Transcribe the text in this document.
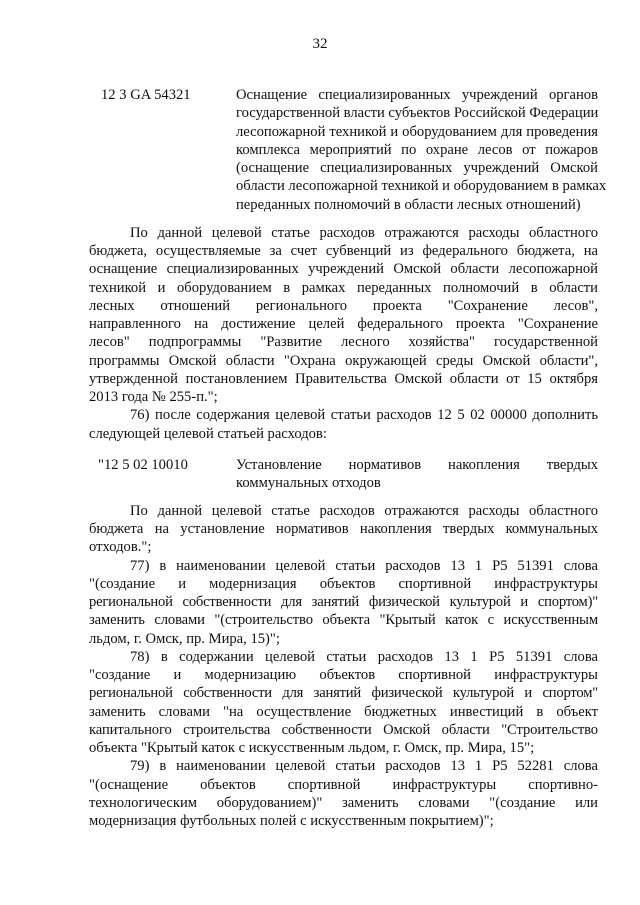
32
12 3 GA 54321	Оснащение специализированных учреждений органов
государственной власти субъектов Российской Федерации
лесопожарной техникой и оборудованием для проведения
комплекса мероприятий по охране лесов от пожаров
(оснащение специализированных учреждений Омской
области лесопожарной техникой и оборудованием в рамках
переданных полномочий в области лесных отношений)
По данной целевой статье расходов отражаются расходы областного
бюджета, осуществляемые за счет субвенций из федерального бюджета, на
оснащение специализированных учреждений Омской области лесопожарной
техникой и оборудованием в рамках переданных полномочий в области
лесных отношений регионального проекта "Сохранение лесов",
направленного на достижение целей федерального проекта "Сохранение
лесов" подпрограммы "Развитие лесного хозяйства" государственной
программы Омской области "Охрана окружающей среды Омской области",
утвержденной постановлением Правительства Омской области от 15 октября
2013 года № 255-п.";
76) после содержания целевой статьи расходов 12 5 02 00000 дополнить
следующей целевой статьей расходов:
"12 5 02 10010	Установление нормативов накопления твердых
коммунальных отходов
По данной целевой статье расходов отражаются расходы областного
бюджета на установление нормативов накопления твердых коммунальных
отходов.";
77) в наименовании целевой статьи расходов 13 1 P5 51391 слова
"(создание и модернизация объектов спортивной инфраструктуры
региональной собственности для занятий физической культурой и спортом)"
заменить словами "(строительство объекта "Крытый каток с искусственным
льдом, г. Омск, пр. Мира, 15)";
78) в содержании целевой статьи расходов 13 1 P5 51391 слова
"создание и модернизацию объектов спортивной инфраструктуры
региональной собственности для занятий физической культурой и спортом"
заменить словами "на осуществление бюджетных инвестиций в объект
капитального строительства собственности Омской области "Строительство
объекта "Крытый каток с искусственным льдом, г. Омск, пр. Мира, 15";
79) в наименовании целевой статьи расходов 13 1 P5 52281 слова
"(оснащение объектов спортивной инфраструктуры спортивно-
технологическим оборудованием)" заменить словами "(создание или
модернизация футбольных полей с искусственным покрытием)";
